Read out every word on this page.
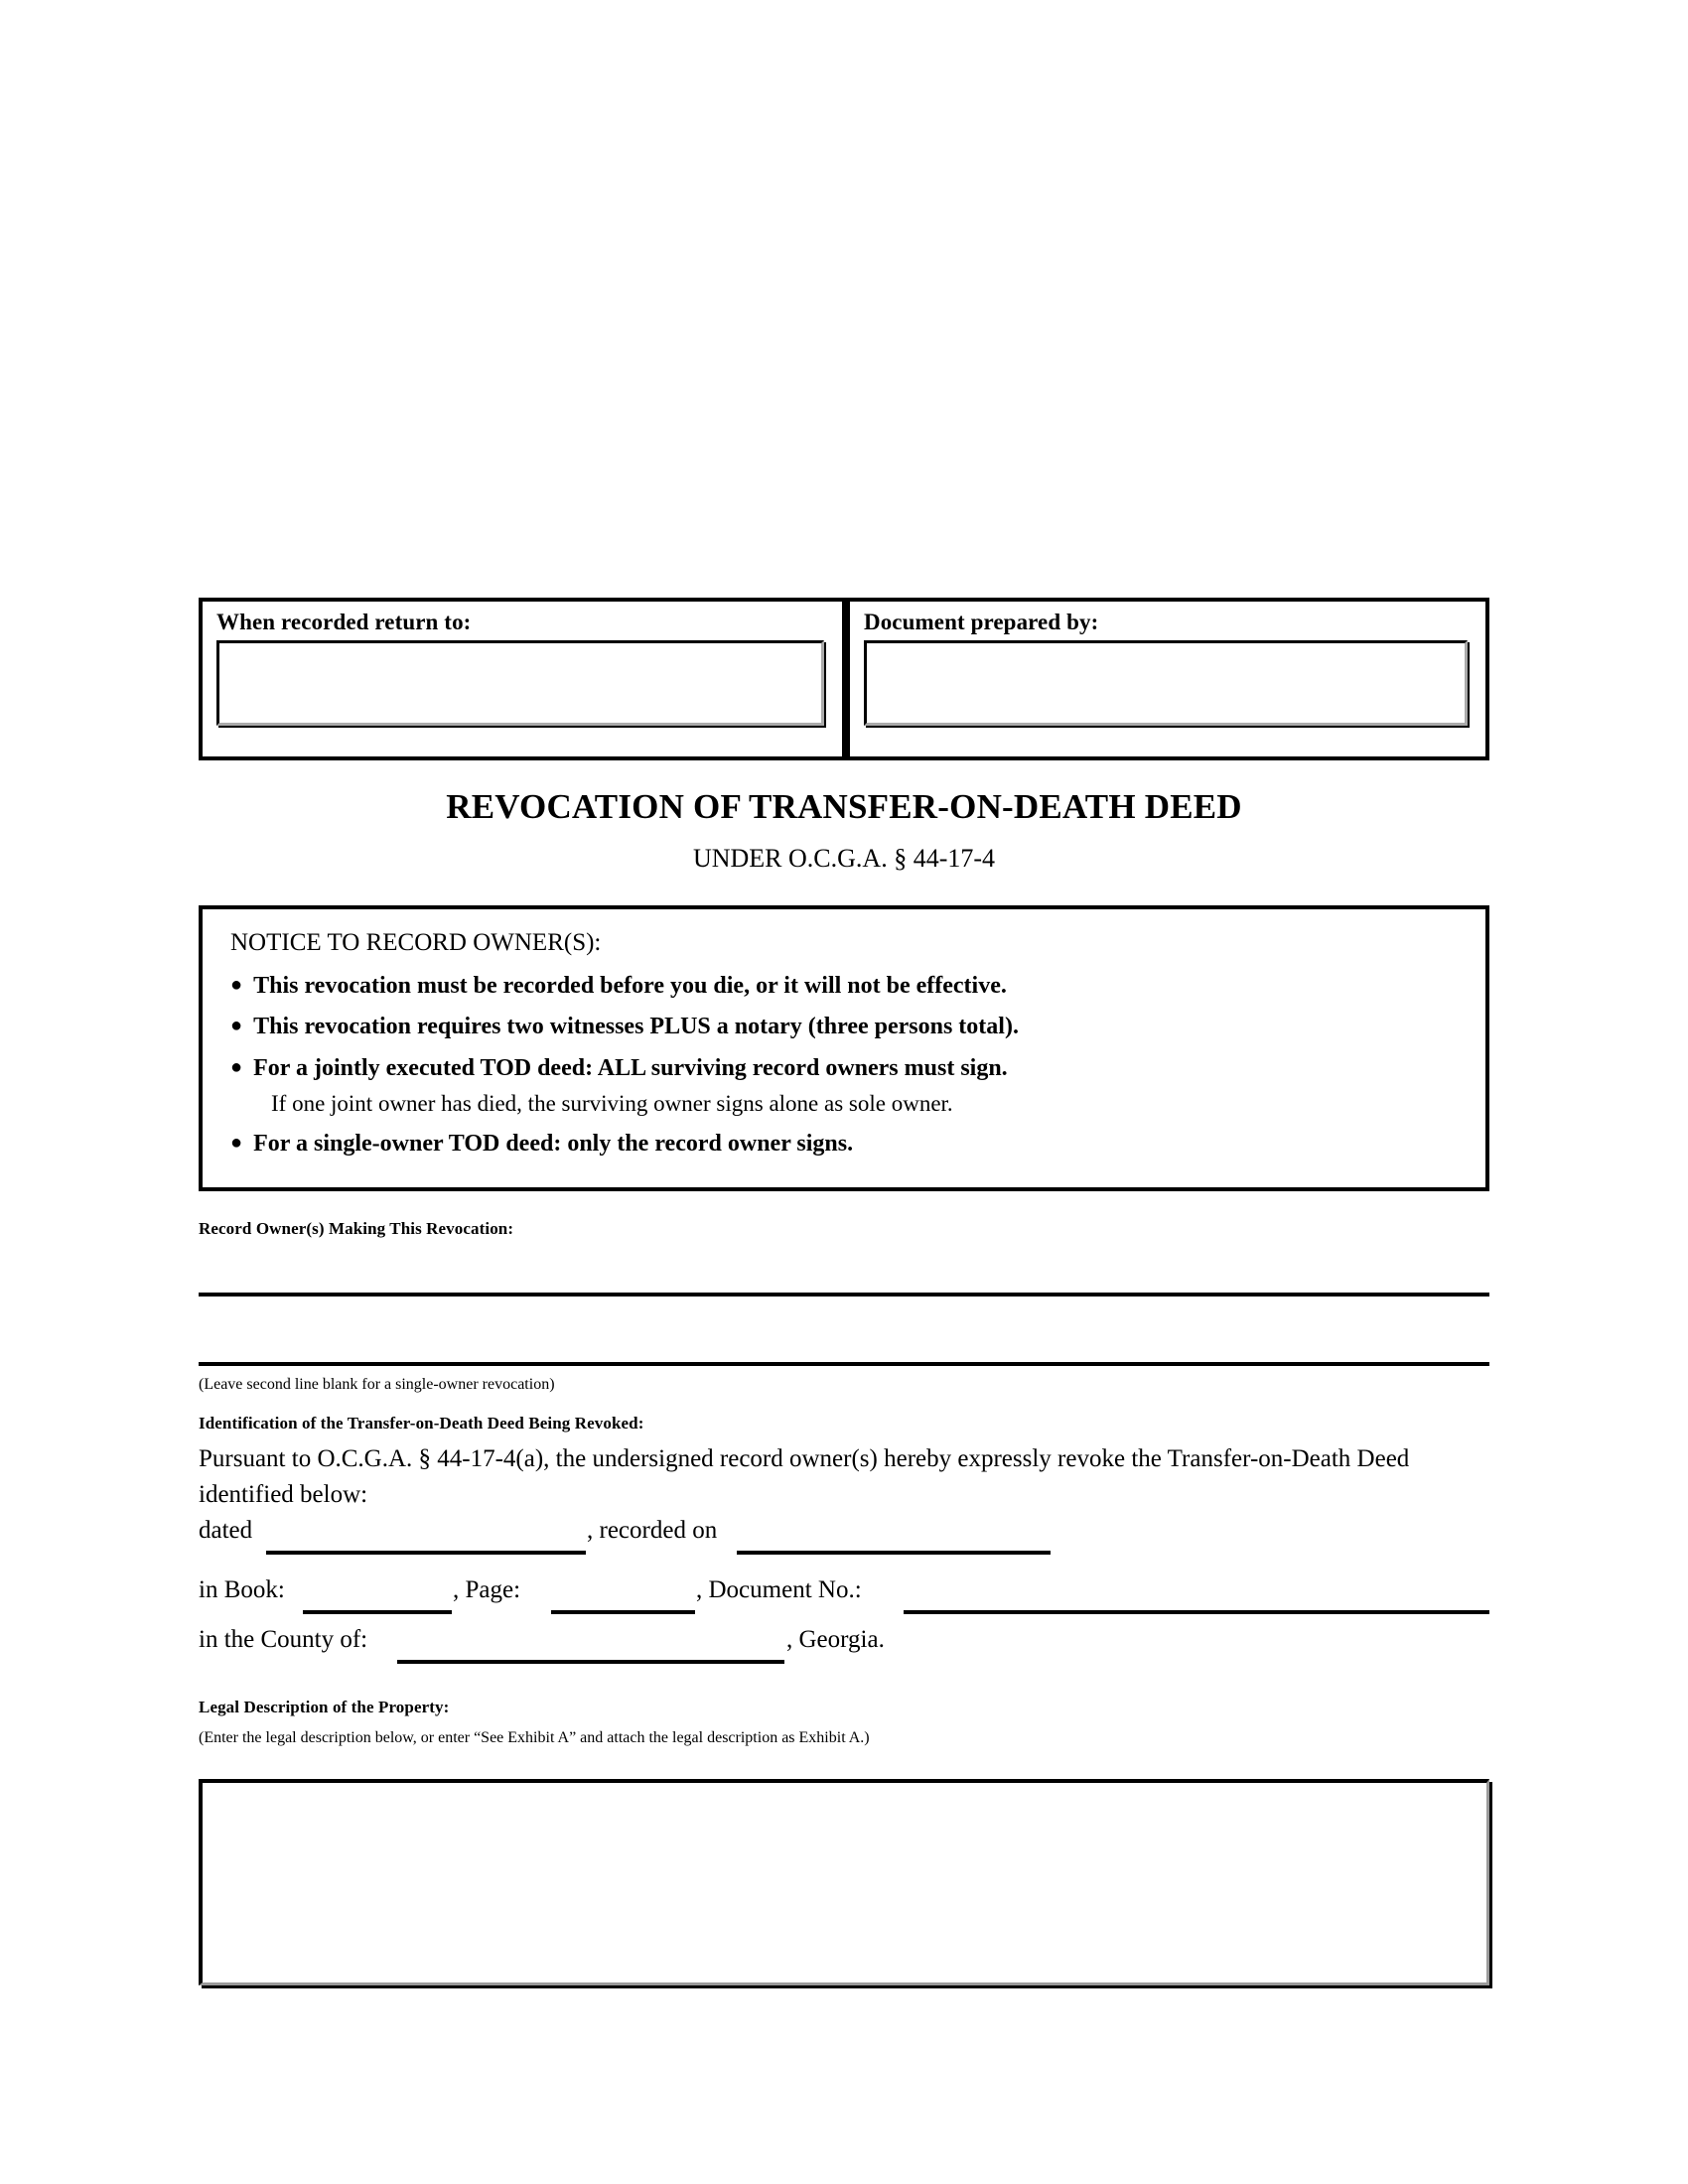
When recorded return to:	Document prepared by:
REVOCATION OF TRANSFER-ON-DEATH DEED
UNDER O.C.G.A. § 44-17-4
NOTICE TO RECORD OWNER(S):
● This revocation must be recorded before you die, or it will not be effective.
● This revocation requires two witnesses PLUS a notary (three persons total).
● For a jointly executed TOD deed: ALL surviving record owners must sign.
If one joint owner has died, the surviving owner signs alone as sole owner.
● For a single-owner TOD deed: only the record owner signs.
Record Owner(s) Making This Revocation:
(Leave second line blank for a single-owner revocation)
Identification of the Transfer-on-Death Deed Being Revoked:
Pursuant to O.C.G.A. § 44-17-4(a), the undersigned record owner(s) hereby expressly revoke the Transfer-on-Death Deed identified below:
dated	, recorded on
in Book:	, Page:	, Document No.:
in the County of:	, Georgia.
Legal Description of the Property:
(Enter the legal description below, or enter “See Exhibit A” and attach the legal description as Exhibit A.)
